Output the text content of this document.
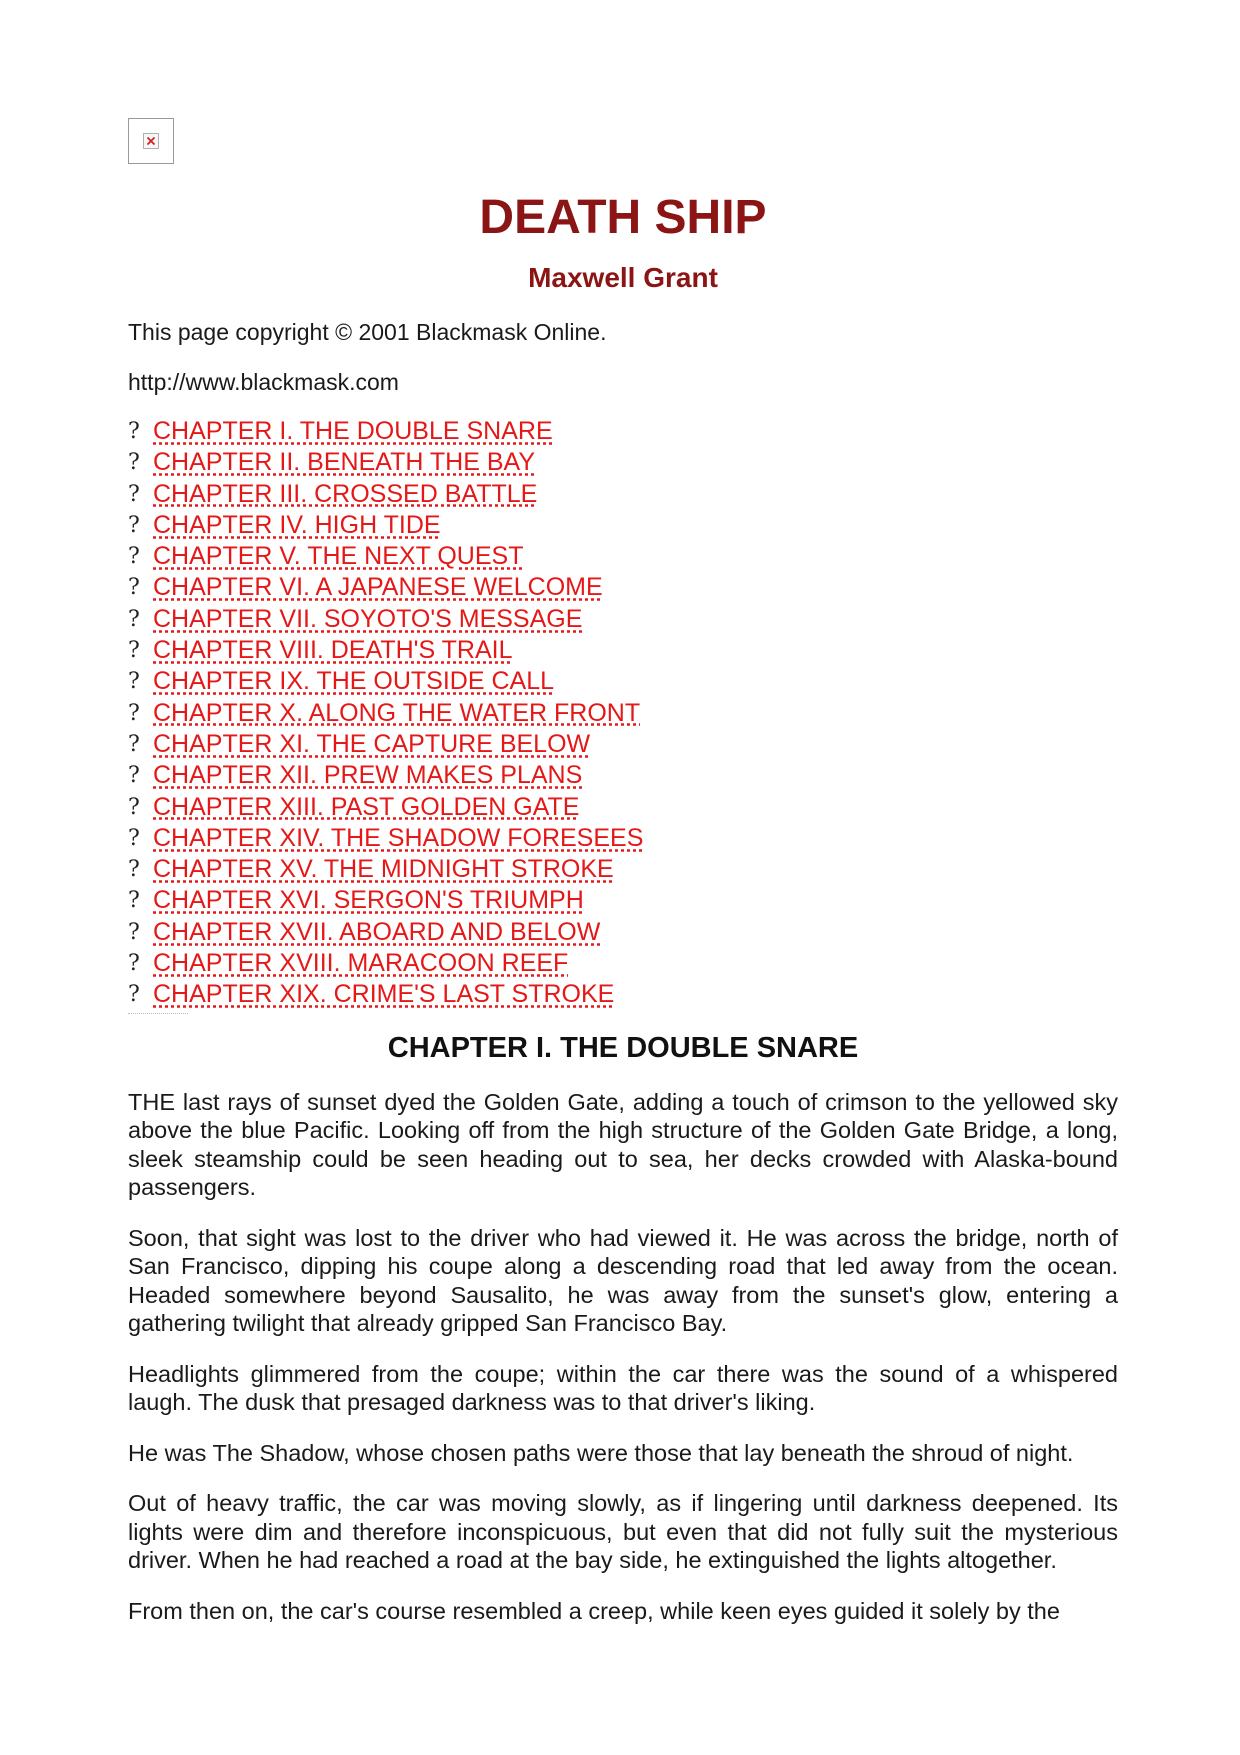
DEATH SHIP
Maxwell Grant
This page copyright © 2001 Blackmask Online.
http://www.blackmask.com
? CHAPTER I. THE DOUBLE SNARE
? CHAPTER II. BENEATH THE BAY
? CHAPTER III. CROSSED BATTLE
? CHAPTER IV. HIGH TIDE
? CHAPTER V. THE NEXT QUEST
? CHAPTER VI. A JAPANESE WELCOME
? CHAPTER VII. SOYOTO'S MESSAGE
? CHAPTER VIII. DEATH'S TRAIL
? CHAPTER IX. THE OUTSIDE CALL
? CHAPTER X. ALONG THE WATER FRONT
? CHAPTER XI. THE CAPTURE BELOW
? CHAPTER XII. PREW MAKES PLANS
? CHAPTER XIII. PAST GOLDEN GATE
? CHAPTER XIV. THE SHADOW FORESEES
? CHAPTER XV. THE MIDNIGHT STROKE
? CHAPTER XVI. SERGON'S TRIUMPH
? CHAPTER XVII. ABOARD AND BELOW
? CHAPTER XVIII. MARACOON REEF
? CHAPTER XIX. CRIME'S LAST STROKE
CHAPTER I. THE DOUBLE SNARE

THE last rays of sunset dyed the Golden Gate, adding a touch of crimson to the yellowed sky above the blue Pacific. Looking off from the high structure of the Golden Gate Bridge, a long, sleek steamship could be seen heading out to sea, her decks crowded with Alaska-bound passengers.

Soon, that sight was lost to the driver who had viewed it. He was across the bridge, north of San Francisco, dipping his coupe along a descending road that led away from the ocean. Headed somewhere beyond Sausalito, he was away from the sunset's glow, entering a gathering twilight that already gripped San Francisco Bay.

Headlights glimmered from the coupe; within the car there was the sound of a whispered laugh. The dusk that presaged darkness was to that driver's liking.

He was The Shadow, whose chosen paths were those that lay beneath the shroud of night.

Out of heavy traffic, the car was moving slowly, as if lingering until darkness deepened. Its lights were dim and therefore inconspicuous, but even that did not fully suit the mysterious driver. When he had reached a road at the bay side, he extinguished the lights altogether.

From then on, the car's course resembled a creep, while keen eyes guided it solely by the
